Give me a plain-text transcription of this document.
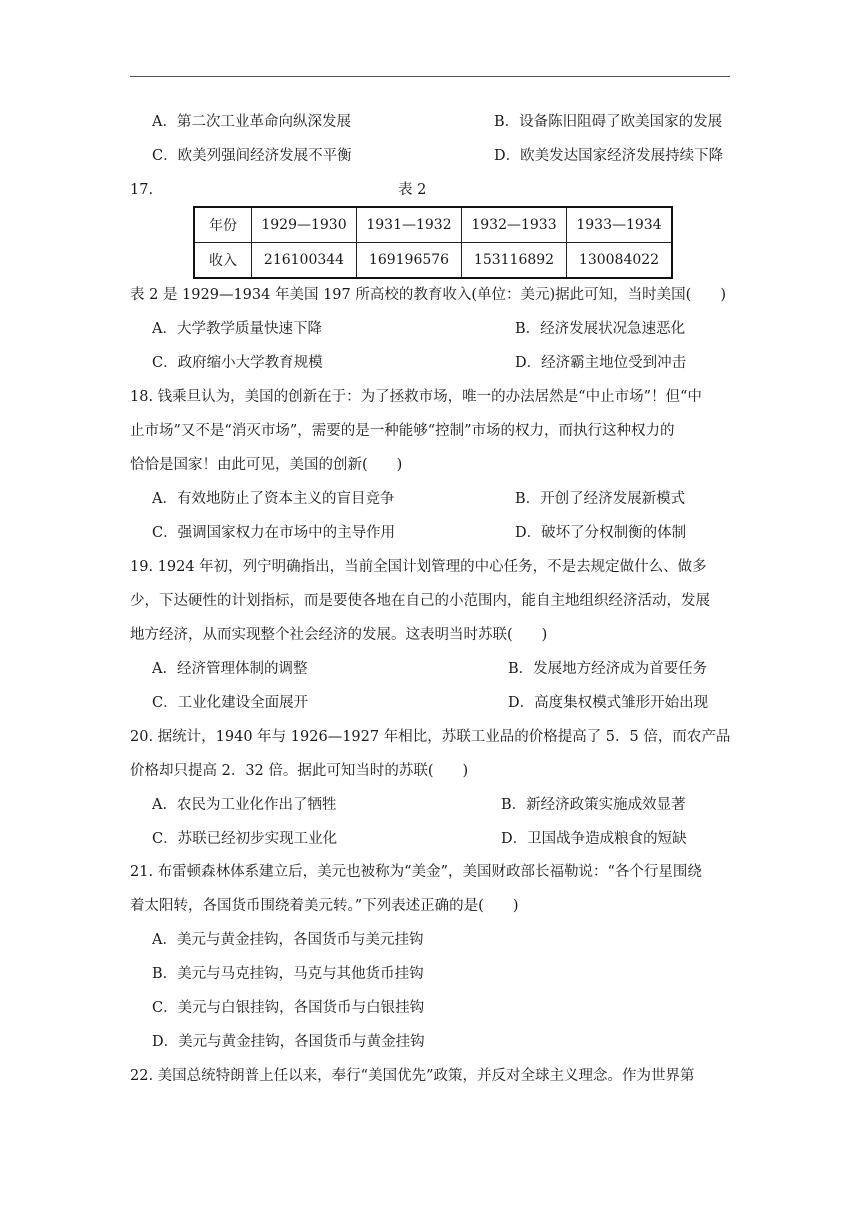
A．第二次工业革命向纵深发展	B．设备陈旧阻碍了欧美国家的发展
C．欧美列强间经济发展不平衡	D．欧美发达国家经济发展持续下降
17.	表 2
年份	1929—1930	1931—1932	1932—1933	1933—1934
收入	216100344	169196576	153116892	130084022
表 2 是 1929—1934 年美国 197 所高校的教育收入(单位：美元)据此可知，当时美国(　　)
A．大学教学质量快速下降	B．经济发展状况急速恶化
C．政府缩小大学教育规模	D．经济霸主地位受到冲击
18. 钱乘旦认为，美国的创新在于：为了拯救市场，唯一的办法居然是“中止市场”！但“中
止市场”又不是“消灭市场”，需要的是一种能够“控制”市场的权力，而执行这种权力的
恰恰是国家！由此可见，美国的创新(　　)
A．有效地防止了资本主义的盲目竞争	B．开创了经济发展新模式
C．强调国家权力在市场中的主导作用	D．破坏了分权制衡的体制
19. 1924 年初，列宁明确指出，当前全国计划管理的中心任务，不是去规定做什么、做多
少，下达硬性的计划指标，而是要使各地在自己的小范围内，能自主地组织经济活动，发展
地方经济，从而实现整个社会经济的发展。这表明当时苏联(　　)
A．经济管理体制的调整	B．发展地方经济成为首要任务
C．工业化建设全面展开	D．高度集权模式雏形开始出现
20. 据统计，1940 年与 1926—1927 年相比，苏联工业品的价格提高了 5．5 倍，而农产品
价格却只提高 2．32 倍。据此可知当时的苏联(　　)
A．农民为工业化作出了牺牲	B．新经济政策实施成效显著
C．苏联已经初步实现工业化	D．卫国战争造成粮食的短缺
21. 布雷顿森林体系建立后，美元也被称为“美金”，美国财政部长福勒说：“各个行星围绕
着太阳转，各国货币围绕着美元转。”下列表述正确的是(　　)
A．美元与黄金挂钩，各国货币与美元挂钩
B．美元与马克挂钩，马克与其他货币挂钩
C．美元与白银挂钩，各国货币与白银挂钩
D．美元与黄金挂钩，各国货币与黄金挂钩
22. 美国总统特朗普上任以来，奉行“美国优先”政策，并反对全球主义理念。作为世界第
